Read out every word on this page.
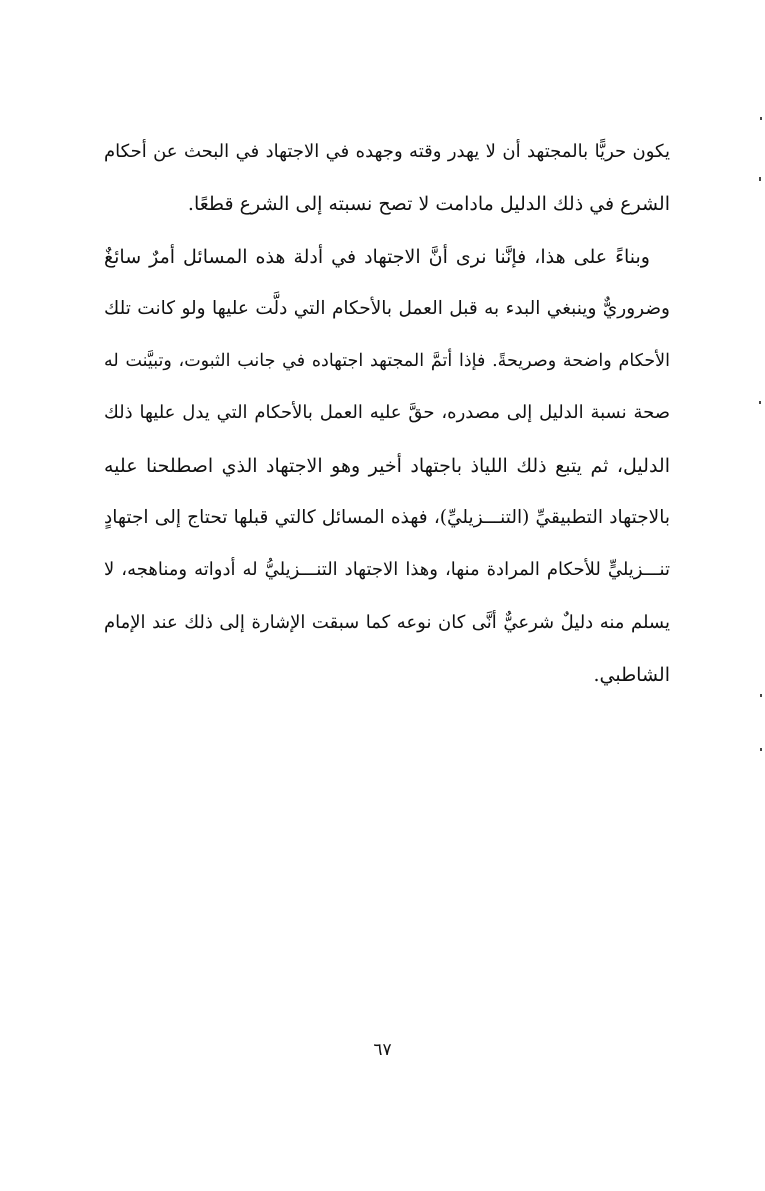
يكون حريًّا بالمجتهد أن لا يهدر وقته وجهده في الاجتهاد في البحث عن أحكام
الشرع في ذلك الدليل مادامت لا تصح نسبته إلى الشرع قطعًا.
وبناءً على هذا، فإنَّنا نرى أنَّ الاجتهاد في أدلة هذه المسائل أمرٌ سائغٌ
وضروريٌّ وينبغي البدء به قبل العمل بالأحكام التي دلَّت عليها ولو كانت تلك
الأحكام واضحة وصريحةً. فإذا أتمَّ المجتهد اجتهاده في جانب الثبوت، وتبيَّنت له
صحة نسبة الدليل إلى مصدره، حقَّ عليه العمل بالأحكام التي يدل عليها ذلك
الدليل، ثم يتبع ذلك اللياذ باجتهاد أخير وهو الاجتهاد الذي اصطلحنا عليه
بالاجتهاد التطبيقيِّ (التنـــزيليِّ)، فهذه المسائل كالتي قبلها تحتاج إلى اجتهادٍ
تنـــزيليٍّ للأحكام المرادة منها، وهذا الاجتهاد التنـــزيليُّ له أدواته ومناهجه، لا
يسلم منه دليلٌ شرعيٌّ أنَّى كان نوعه كما سبقت الإشارة إلى ذلك عند الإمام
الشاطبي.
٦٧
